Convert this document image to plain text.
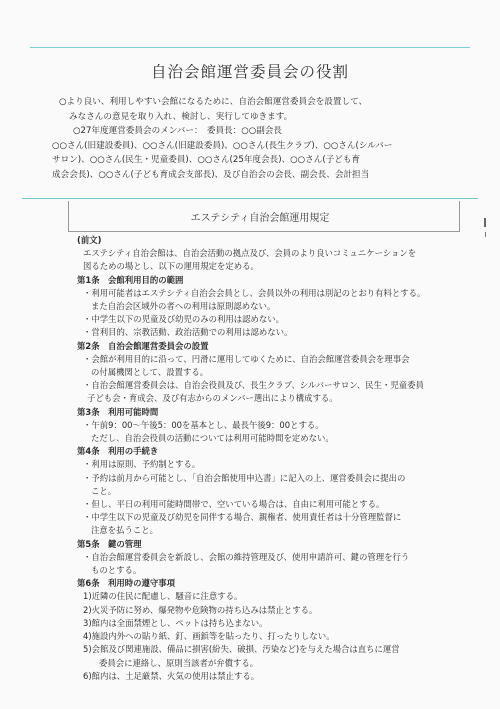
自治会館運営委員会の役割

○より良い、利用しやすい会館になるために、自治会館運営委員会を設置して、

みなさんの意見を取り入れ、検討し、実行してゆきます。

○27年度運営委員会のメンバー：　委員長：○○副会長

○○さん(旧建設委員)、○○さん(旧建設委員)、○○さん(長生クラブ)、○○さん(シルバー

サロン)、○○さん(民生・児童委員)、○○さん(25年度会長)、○○さん(子ども育

成会会長)、○○さん(子ども育成会支部長)、及び自治会の会長、副会長、会計担当

エステシティ自治会館運用規定

(前文)

エステシティ自治会館は、自治会活動の拠点及び、会員のより良いコミュニケーションを

図るための場とし、以下の運用規定を定める。

第1条　会館利用目的の範囲

・利用可能者はエステシティ自治会会員とし、会員以外の利用は別記のとおり有料とする。

また自治会区域外の者への利用は原則認めない。

・中学生以下の児童及び幼児のみの利用は認めない。

・営利目的、宗教活動、政治活動での利用は認めない。

第2条　自治会館運営委員会の設置

・会館が利用目的に沿って、円滑に運用してゆくために、自治会館運営委員会を理事会

の付属機関として、設置する。

・自治会館運営委員会は、自治会役員及び、長生クラブ、シルバーサロン、民生・児童委員

子ども会・育成会、及び有志からのメンバー選出により構成する。

第3条　利用可能時間

・午前9：00～午後5：00を基本とし、最長午後9：00とする。

ただし、自治会役員の活動については利用可能時間を定めない。

第4条　利用の手続き

・利用は原則、予約制とする。

・予約は前月から可能とし、「自治会館使用申込書」に記入の上、運営委員会に提出の

こと。

・但し、平日の利用可能時間帯で、空いている場合は、自由に利用可能とする。

・中学生以下の児童及び幼児を同伴する場合、親権者、使用責任者は十分管理監督に

注意を払うこと。

第5条　鍵の管理

・自治会館運営委員会を新設し、会館の維持管理及び、使用申請許可、鍵の管理を行う

ものとする。

第6条　利用時の遵守事項

1)近隣の住民に配慮し、騒音に注意する。

2)火災予防に努め、爆発物や危険物の持ち込みは禁止とする。

3)館内は全面禁煙とし、ペットは持ち込まない。

4)施設内外への貼り紙、釘、画鋲等を貼ったり、打ったりしない。

5)会館及び関連施設、備品に損害(紛失、破損、汚染など)を与えた場合は直ちに運営

委員会に連絡し、原則当該者が弁償する。

6)館内は、土足厳禁、火気の使用は禁止する。
